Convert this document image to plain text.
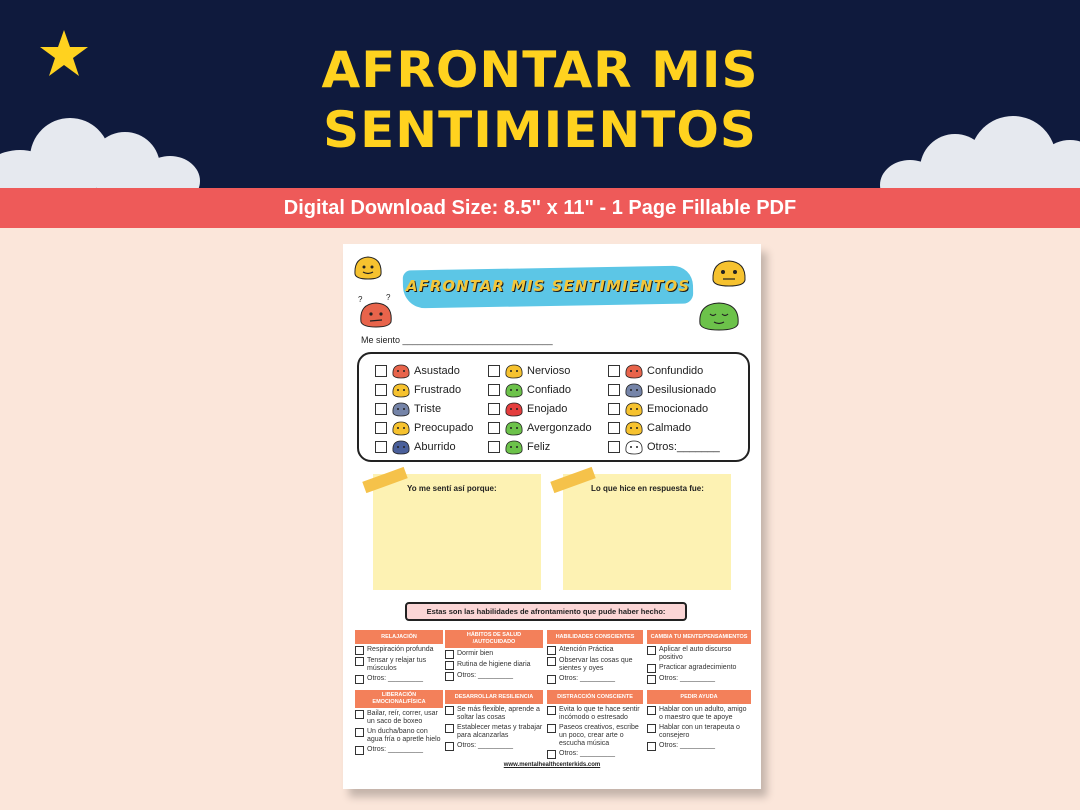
AFRONTAR MIS
SENTIMIENTOS
Digital Download Size: 8.5" x 11" - 1 Page Fillable PDF
?	?
AFRONTAR MIS SENTIMIENTOS
Me siento ______________________________
Asustado	Nervioso	Confundido
Frustrado	Confiado	Desilusionado
Triste	Enojado	Emocionado
Preocupado	Avergonzado	Calmado
Aburrido	Feliz	Otros:_______
Yo me sentí así porque:	Lo que hice en respuesta fue:
Estas son las habilidades de afrontamiento que pude haber hecho:
RELAJACIÓN
Respiración profunda
Tensar y relajar tus músculos
Otros: _________
HÁBITOS DE SALUD /AUTOCUIDADO
Dormir bien
Rutina de higiene diaria
Otros: _________
HABILIDADES CONSCIENTES
Atención Práctica
Observar las cosas que sientes y oyes
Otros: _________
CAMBIA TU MENTE/PENSAMIENTOS
Aplicar el auto discurso positivo
Practicar agradecimiento
Otros: _________
LIBERACIÓN EMOCIONAL/FÍSICA
Bailar, reír, correr, usar un saco de boxeo
Un ducha/bano con agua fría o apretle hielo
Otros: _________
DESARROLLAR RESILIENCIA
Se más flexible, aprende a soltar las cosas
Establecer metas y trabajar para alcanzarlas
Otros: _________
DISTRACCIÓN CONSCIENTE
Evita lo que te hace sentir incómodo o estresado
Paseos creativos, escribe un poco, crear arte o escucha música
Otros: _________
PEDIR AYUDA
Hablar con un adulto, amigo o maestro que te apoye
Hablar con un terapeuta o consejero
Otros: _________
www.mentalhealthcenterkids.com
